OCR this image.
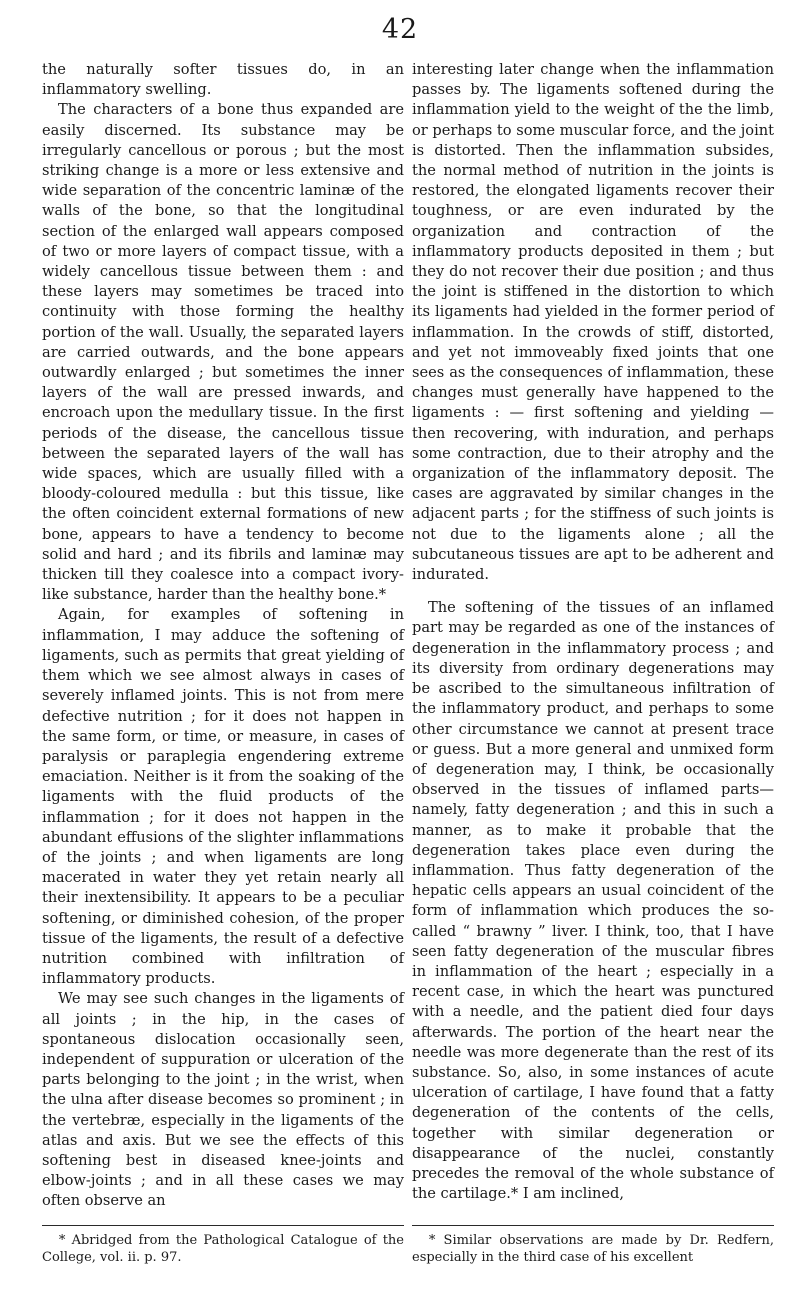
42

the naturally softer tissues do, in an inflammatory swelling.

The characters of a bone thus expanded are easily discerned. Its substance may be irregularly cancellous or porous ; but the most striking change is a more or less extensive and wide separation of the concentric laminæ of the walls of the bone, so that the longitudinal section of the enlarged wall appears composed of two or more layers of compact tissue, with a widely cancellous tissue between them : and these layers may sometimes be traced into continuity with those forming the healthy portion of the wall. Usually, the separated layers are carried outwards, and the bone appears outwardly enlarged ; but sometimes the inner layers of the wall are pressed inwards, and encroach upon the medullary tissue. In the first periods of the disease, the cancellous tissue between the separated layers of the wall has wide spaces, which are usually filled with a bloody-coloured medulla : but this tissue, like the often coincident external formations of new bone, appears to have a tendency to become solid and hard ; and its fibrils and laminæ may thicken till they coalesce into a compact ivory-like substance, harder than the healthy bone.*

Again, for examples of softening in inflammation, I may adduce the softening of ligaments, such as permits that great yielding of them which we see almost always in cases of severely inflamed joints. This is not from mere defective nutrition ; for it does not happen in the same form, or time, or measure, in cases of paralysis or paraplegia engendering extreme emaciation. Neither is it from the soaking of the ligaments with the fluid products of the inflammation ; for it does not happen in the abundant effusions of the slighter inflammations of the joints ; and when ligaments are long macerated in water they yet retain nearly all their inextensibility. It appears to be a peculiar softening, or diminished cohesion, of the proper tissue of the ligaments, the result of a defective nutrition combined with infiltration of inflammatory products.

We may see such changes in the ligaments of all joints ; in the hip, in the cases of spontaneous dislocation occasionally seen, independent of suppuration or ulceration of the parts belonging to the joint ; in the wrist, when the ulna after disease becomes so prominent ; in the vertebræ, especially in the ligaments of the atlas and axis. But we see the effects of this softening best in diseased knee-joints and elbow-joints ; and in all these cases we may often observe an

interesting later change when the inflammation passes by. The ligaments softened during the inflammation yield to the weight of the the limb, or perhaps to some muscular force, and the joint is distorted. Then the inflammation subsides, the normal method of nutrition in the joints is restored, the elongated ligaments recover their toughness, or are even indurated by the organization and contraction of the inflammatory products deposited in them ; but they do not recover their due position ; and thus the joint is stiffened in the distortion to which its ligaments had yielded in the former period of inflammation. In the crowds of stiff, distorted, and yet not immoveably fixed joints that one sees as the consequences of inflammation, these changes must generally have happened to the ligaments : — first softening and yielding — then recovering, with induration, and perhaps some contraction, due to their atrophy and the organization of the inflammatory deposit. The cases are aggravated by similar changes in the adjacent parts ; for the stiffness of such joints is not due to the ligaments alone ; all the subcutaneous tissues are apt to be adherent and indurated.

The softening of the tissues of an inflamed part may be regarded as one of the instances of degeneration in the inflammatory process ; and its diversity from ordinary degenerations may be ascribed to the simultaneous infiltration of the inflammatory product, and perhaps to some other circumstance we cannot at present trace or guess. But a more general and unmixed form of degeneration may, I think, be occasionally observed in the tissues of inflamed parts—namely, fatty degeneration ; and this in such a manner, as to make it probable that the degeneration takes place even during the inflammation. Thus fatty degeneration of the hepatic cells appears an usual coincident of the form of inflammation which produces the so-called “ brawny ” liver. I think, too, that I have seen fatty degeneration of the muscular fibres in inflammation of the heart ; especially in a recent case, in which the heart was punctured with a needle, and the patient died four days afterwards. The portion of the heart near the needle was more degenerate than the rest of its substance. So, also, in some instances of acute ulceration of cartilage, I have found that a fatty degeneration of the contents of the cells, together with similar degeneration or disappearance of the nuclei, constantly precedes the removal of the whole substance of the cartilage.* I am inclined,

* Abridged from the Pathological Catalogue of the College, vol. ii. p. 97.

* Similar observations are made by Dr. Redfern, especially in the third case of his excellent
